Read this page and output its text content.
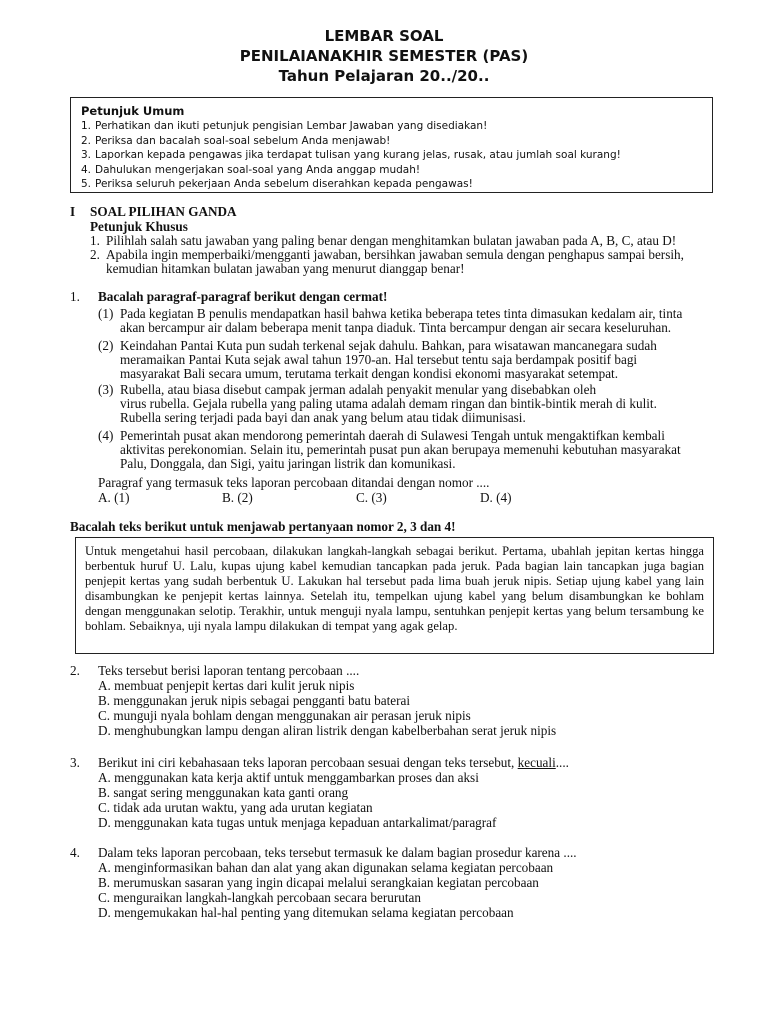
LEMBAR SOAL
PENILAIANAKHIR SEMESTER (PAS)
Tahun Pelajaran 20../20..
Petunjuk Umum
1. Perhatikan dan ikuti petunjuk pengisian Lembar Jawaban yang disediakan!
2. Periksa dan bacalah soal-soal sebelum Anda menjawab!
3. Laporkan kepada pengawas jika terdapat tulisan yang kurang jelas, rusak, atau jumlah soal kurang!
4. Dahulukan mengerjakan soal-soal yang Anda anggap mudah!
5. Periksa seluruh pekerjaan Anda sebelum diserahkan kepada pengawas!
I SOAL PILIHAN GANDA
Petunjuk Khusus
1. Pilihlah salah satu jawaban yang paling benar dengan menghitamkan bulatan jawaban pada A, B, C, atau D!
2. Apabila ingin memperbaiki/mengganti jawaban, bersihkan jawaban semula dengan penghapus sampai bersih,
kemudian hitamkan bulatan jawaban yang menurut dianggap benar!
1. Bacalah paragraf-paragraf berikut dengan cermat!
(1) Pada kegiatan B penulis mendapatkan hasil bahwa ketika beberapa tetes tinta dimasukan kedalam air, tinta
akan bercampur air dalam beberapa menit tanpa diaduk. Tinta bercampur dengan air secara keseluruhan.
(2) Keindahan Pantai Kuta pun sudah terkenal sejak dahulu. Bahkan, para wisatawan mancanegara sudah
meramaikan Pantai Kuta sejak awal tahun 1970-an. Hal tersebut tentu saja berdampak positif bagi
masyarakat Bali secara umum, terutama terkait dengan kondisi ekonomi masyarakat setempat.
(3) Rubella, atau biasa disebut campak jerman adalah penyakit menular yang disebabkan oleh
virus rubella. Gejala rubella yang paling utama adalah demam ringan dan bintik-bintik merah di kulit.
Rubella sering terjadi pada bayi dan anak yang belum atau tidak diimunisasi.
(4) Pemerintah pusat akan mendorong pemerintah daerah di Sulawesi Tengah untuk mengaktifkan kembali
aktivitas perekonomian. Selain itu, pemerintah pusat pun akan berupaya memenuhi kebutuhan masyarakat
Palu, Donggala, dan Sigi, yaitu jaringan listrik dan komunikasi.
Paragraf yang termasuk teks laporan percobaan ditandai dengan nomor ....
A. (1)	B. (2)	C. (3)	D. (4)
Bacalah teks berikut untuk menjawab pertanyaan nomor 2, 3 dan 4!

Untuk mengetahui hasil percobaan, dilakukan langkah-langkah sebagai berikut. Pertama, ubahlah jepitan kertas hingga berbentuk huruf U. Lalu, kupas ujung kabel kemudian tancapkan pada jeruk. Pada bagian lain tancapkan juga bagian penjepit kertas yang sudah berbentuk U. Lakukan hal tersebut pada lima buah jeruk nipis. Setiap ujung kabel yang lain disambungkan ke penjepit kertas lainnya. Setelah itu, tempelkan ujung kabel yang belum disambungkan ke bohlam dengan menggunakan selotip. Terakhir, untuk menguji nyala lampu, sentuhkan penjepit kertas yang belum tersambung ke bohlam. Sebaiknya, uji nyala lampu dilakukan di tempat yang agak gelap.

2. Teks tersebut berisi laporan tentang percobaan ....
A. membuat penjepit kertas dari kulit jeruk nipis
B. menggunakan jeruk nipis sebagai pengganti batu baterai
C. munguji nyala bohlam dengan menggunakan air perasan jeruk nipis
D. menghubungkan lampu dengan aliran listrik dengan kabelberbahan serat jeruk nipis
3. Berikut ini ciri kebahasaan teks laporan percobaan sesuai dengan teks tersebut, kecuali....
A. menggunakan kata kerja aktif untuk menggambarkan proses dan aksi
B. sangat sering menggunakan kata ganti orang
C. tidak ada urutan waktu, yang ada urutan kegiatan
D. menggunakan kata tugas untuk menjaga kepaduan antarkalimat/paragraf
4. Dalam teks laporan percobaan, teks tersebut termasuk ke dalam bagian prosedur karena ....
A. menginformasikan bahan dan alat yang akan digunakan selama kegiatan percobaan
B. merumuskan sasaran yang ingin dicapai melalui serangkaian kegiatan percobaan
C. menguraikan langkah-langkah percobaan secara berurutan
D. mengemukakan hal-hal penting yang ditemukan selama kegiatan percobaan
